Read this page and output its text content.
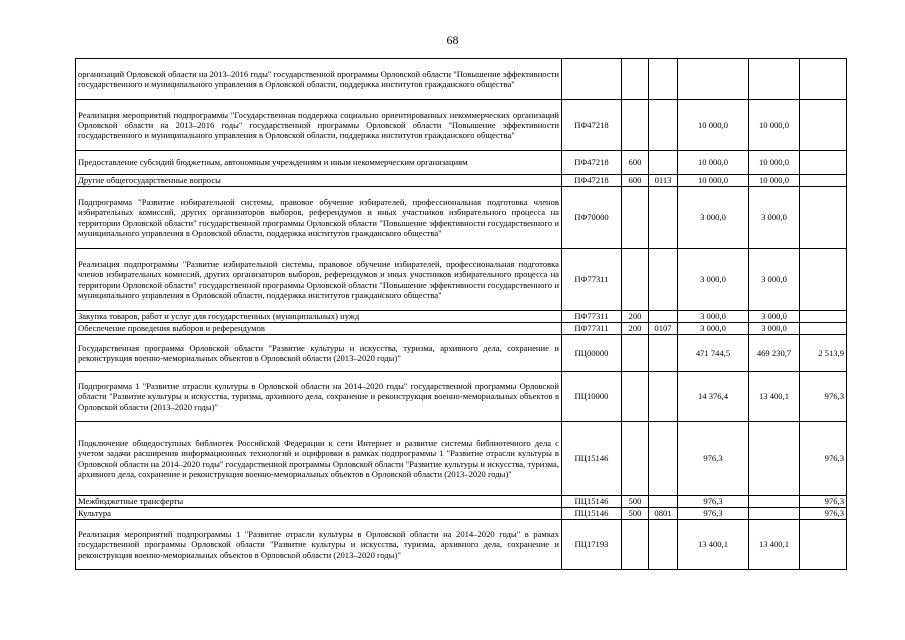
68
организаций Орловской области на 2013–2016 годы" государственной программы Орловской области "Повышение эффективности государственного и муниципального управления в Орловской области, поддержка институтов гражданского общества"						
Реализация мероприятий подпрограммы "Государственная поддержка социально ориентированных некоммерческих организаций Орловской области на 2013–2016 годы" государственной программы Орловской области "Повышение эффективности государственного и муниципального управления в Орловской области, поддержка институтов гражданского общества"	ПФ47218			10 000,0	10 000,0	
Предоставление субсидий бюджетным, автономным учреждениям и иным некоммерческим организациям	ПФ47218	600		10 000,0	10 000,0	
Другие общегосударственные вопросы	ПФ47218	600	0113	10 000,0	10 000,0	
Подпрограмма "Развитие избирательной системы, правовое обучение избирателей, профессиональная подготовка членов избирательных комиссий, других организаторов выборов, референдумов и иных участников избирательного процесса на территории Орловской области" государственной программы Орловской области "Повышение эффективности государственного и муниципального управления в Орловской области, поддержка институтов гражданского общества"	ПФ70000			3 000,0	3 000,0	
Реализация подпрограммы "Развитие избирательной системы, правовое обучение избирателей, профессиональная подготовка членов избирательных комиссий, других организаторов выборов, референдумов и иных участников избирательного процесса на территории Орловской области" государственной программы Орловской области "Повышение эффективности государственного и муниципального управления в Орловской области, поддержка институтов гражданского общества"	ПФ77311			3 000,0	3 000,0	
Закупка товаров, работ и услуг для государственных (муниципальных) нужд	ПФ77311	200		3 000,0	3 000,0	
Обеспечение проведения выборов и референдумов	ПФ77311	200	0107	3 000,0	3 000,0	
Государственная программа Орловской области "Развитие культуры и искусства, туризма, архивного дела, сохранение и реконструкция военно-мемориальных объектов в Орловской области (2013–2020 годы)"	ПЦ00000			471 744,5	469 230,7	2 513,9
Подпрограмма 1 "Развитие отрасли культуры в Орловской области на 2014–2020 годы" государственной программы Орловской области "Развитие культуры и искусства, туризма, архивного дела, сохранение и реконструкция военно-мемориальных объектов в Орловской области (2013–2020 годы)"	ПЦ10000			14 376,4	13 400,1	976,3
Подключение общедоступных библиотек Российской Федерации к сети Интернет и развитие системы библиотечного дела с учетом задачи расширения информационных технологий и оцифровки в рамках подпрограммы 1 "Развитие отрасли культуры в Орловской области на 2014–2020 годы" государственной программы Орловской области "Развитие культуры и искусства, туризма, архивного дела, сохранение и реконструкция военно-мемориальных объектов в Орловской области (2013–2020 годы)"	ПЦ15146			976,3		976,3
Межбюджетные трансферты	ПЦ15146	500		976,3		976,3
Культура	ПЦ15146	500	0801	976,3		976,3
Реализация мероприятий подпрограммы 1 "Развитие отрасли культуры в Орловской области на 2014–2020 годы" в рамках государственной программы Орловской области "Развитие культуры и искусства, туризма, архивного дела, сохранение и реконструкция военно-мемориальных объектов в Орловской области (2013–2020 годы)"	ПЦ17193			13 400,1	13 400,1	
